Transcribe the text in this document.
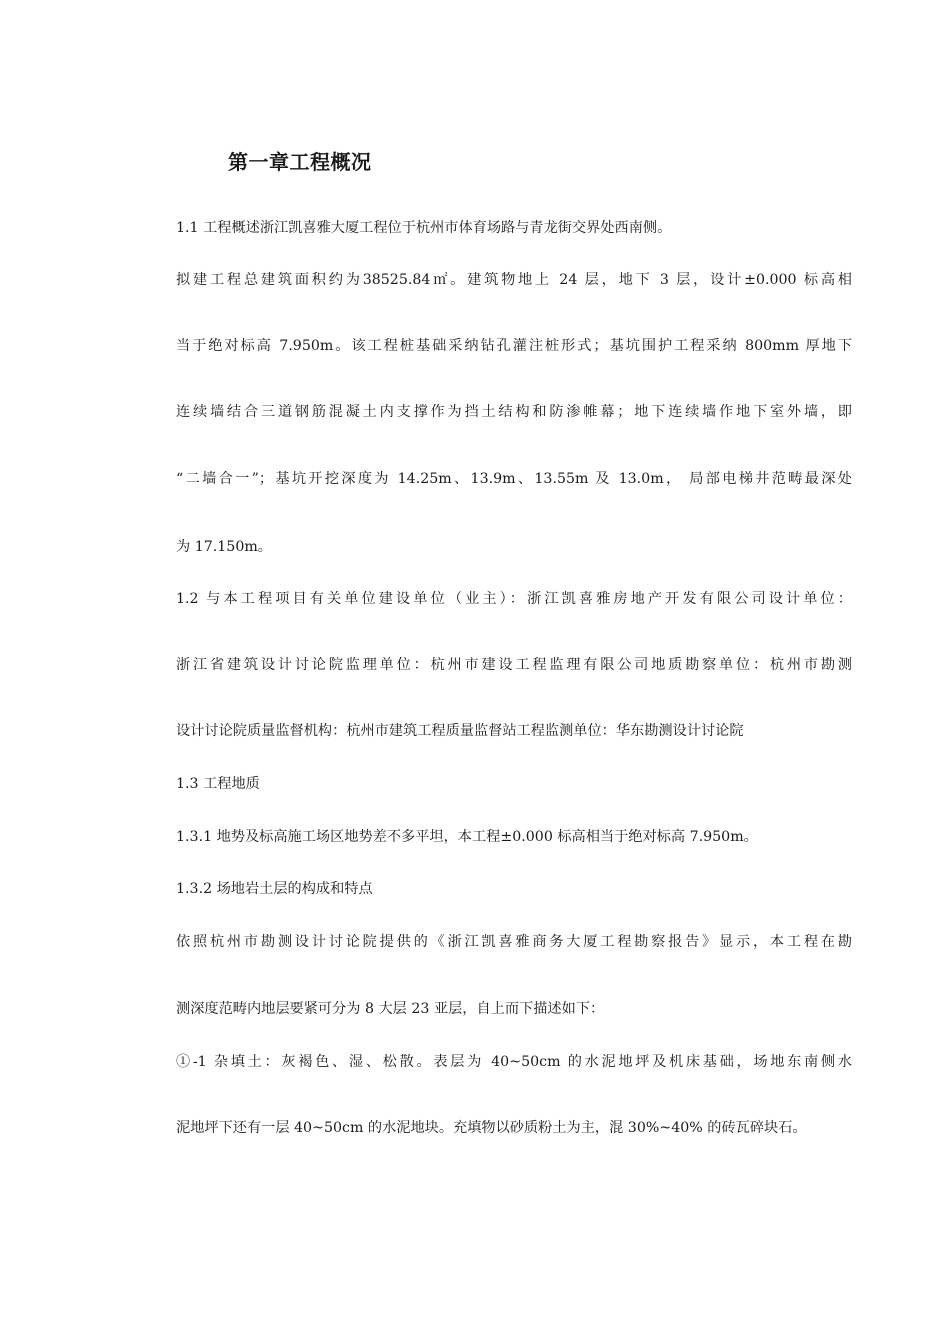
第一章工程概况
1.1 工程概述浙江凯喜雅大厦工程位于杭州市体育场路与青龙街交界处西南侧。
拟建工程总建筑面积约为38525.84㎡。建筑物地上 24 层，地下 3 层，设计±0.000 标高相
当于绝对标高 7.950m。该工程桩基础采纳钻孔灌注桩形式；基坑围护工程采纳 800mm 厚地下
连续墙结合三道钢筋混凝土内支撑作为挡土结构和防渗帷幕；地下连续墙作地下室外墙，即
“二墙合一”；基坑开挖深度为 14.25m、13.9m、13.55m 及 13.0m， 局部电梯井范畴最深处
为 17.150m。
1.2 与本工程项目有关单位建设单位（业主）：浙江凯喜雅房地产开发有限公司设计单位：
浙江省建筑设计讨论院监理单位：杭州市建设工程监理有限公司地质勘察单位：杭州市勘测
设计讨论院质量监督机构：杭州市建筑工程质量监督站工程监测单位：华东勘测设计讨论院
1.3 工程地质
1.3.1 地势及标高施工场区地势差不多平坦，本工程±0.000 标高相当于绝对标高 7.950m。
1.3.2 场地岩土层的构成和特点
依照杭州市勘测设计讨论院提供的《浙江凯喜雅商务大厦工程勘察报告》显示，本工程在勘
测深度范畴内地层要紧可分为 8 大层 23 亚层，自上而下描述如下：
①-1 杂填土：灰褐色、湿、松散。表层为 40~50cm 的水泥地坪及机床基础，场地东南侧水
泥地坪下还有一层 40~50cm 的水泥地块。充填物以砂质粉土为主，混 30%~40% 的砖瓦碎块石。
